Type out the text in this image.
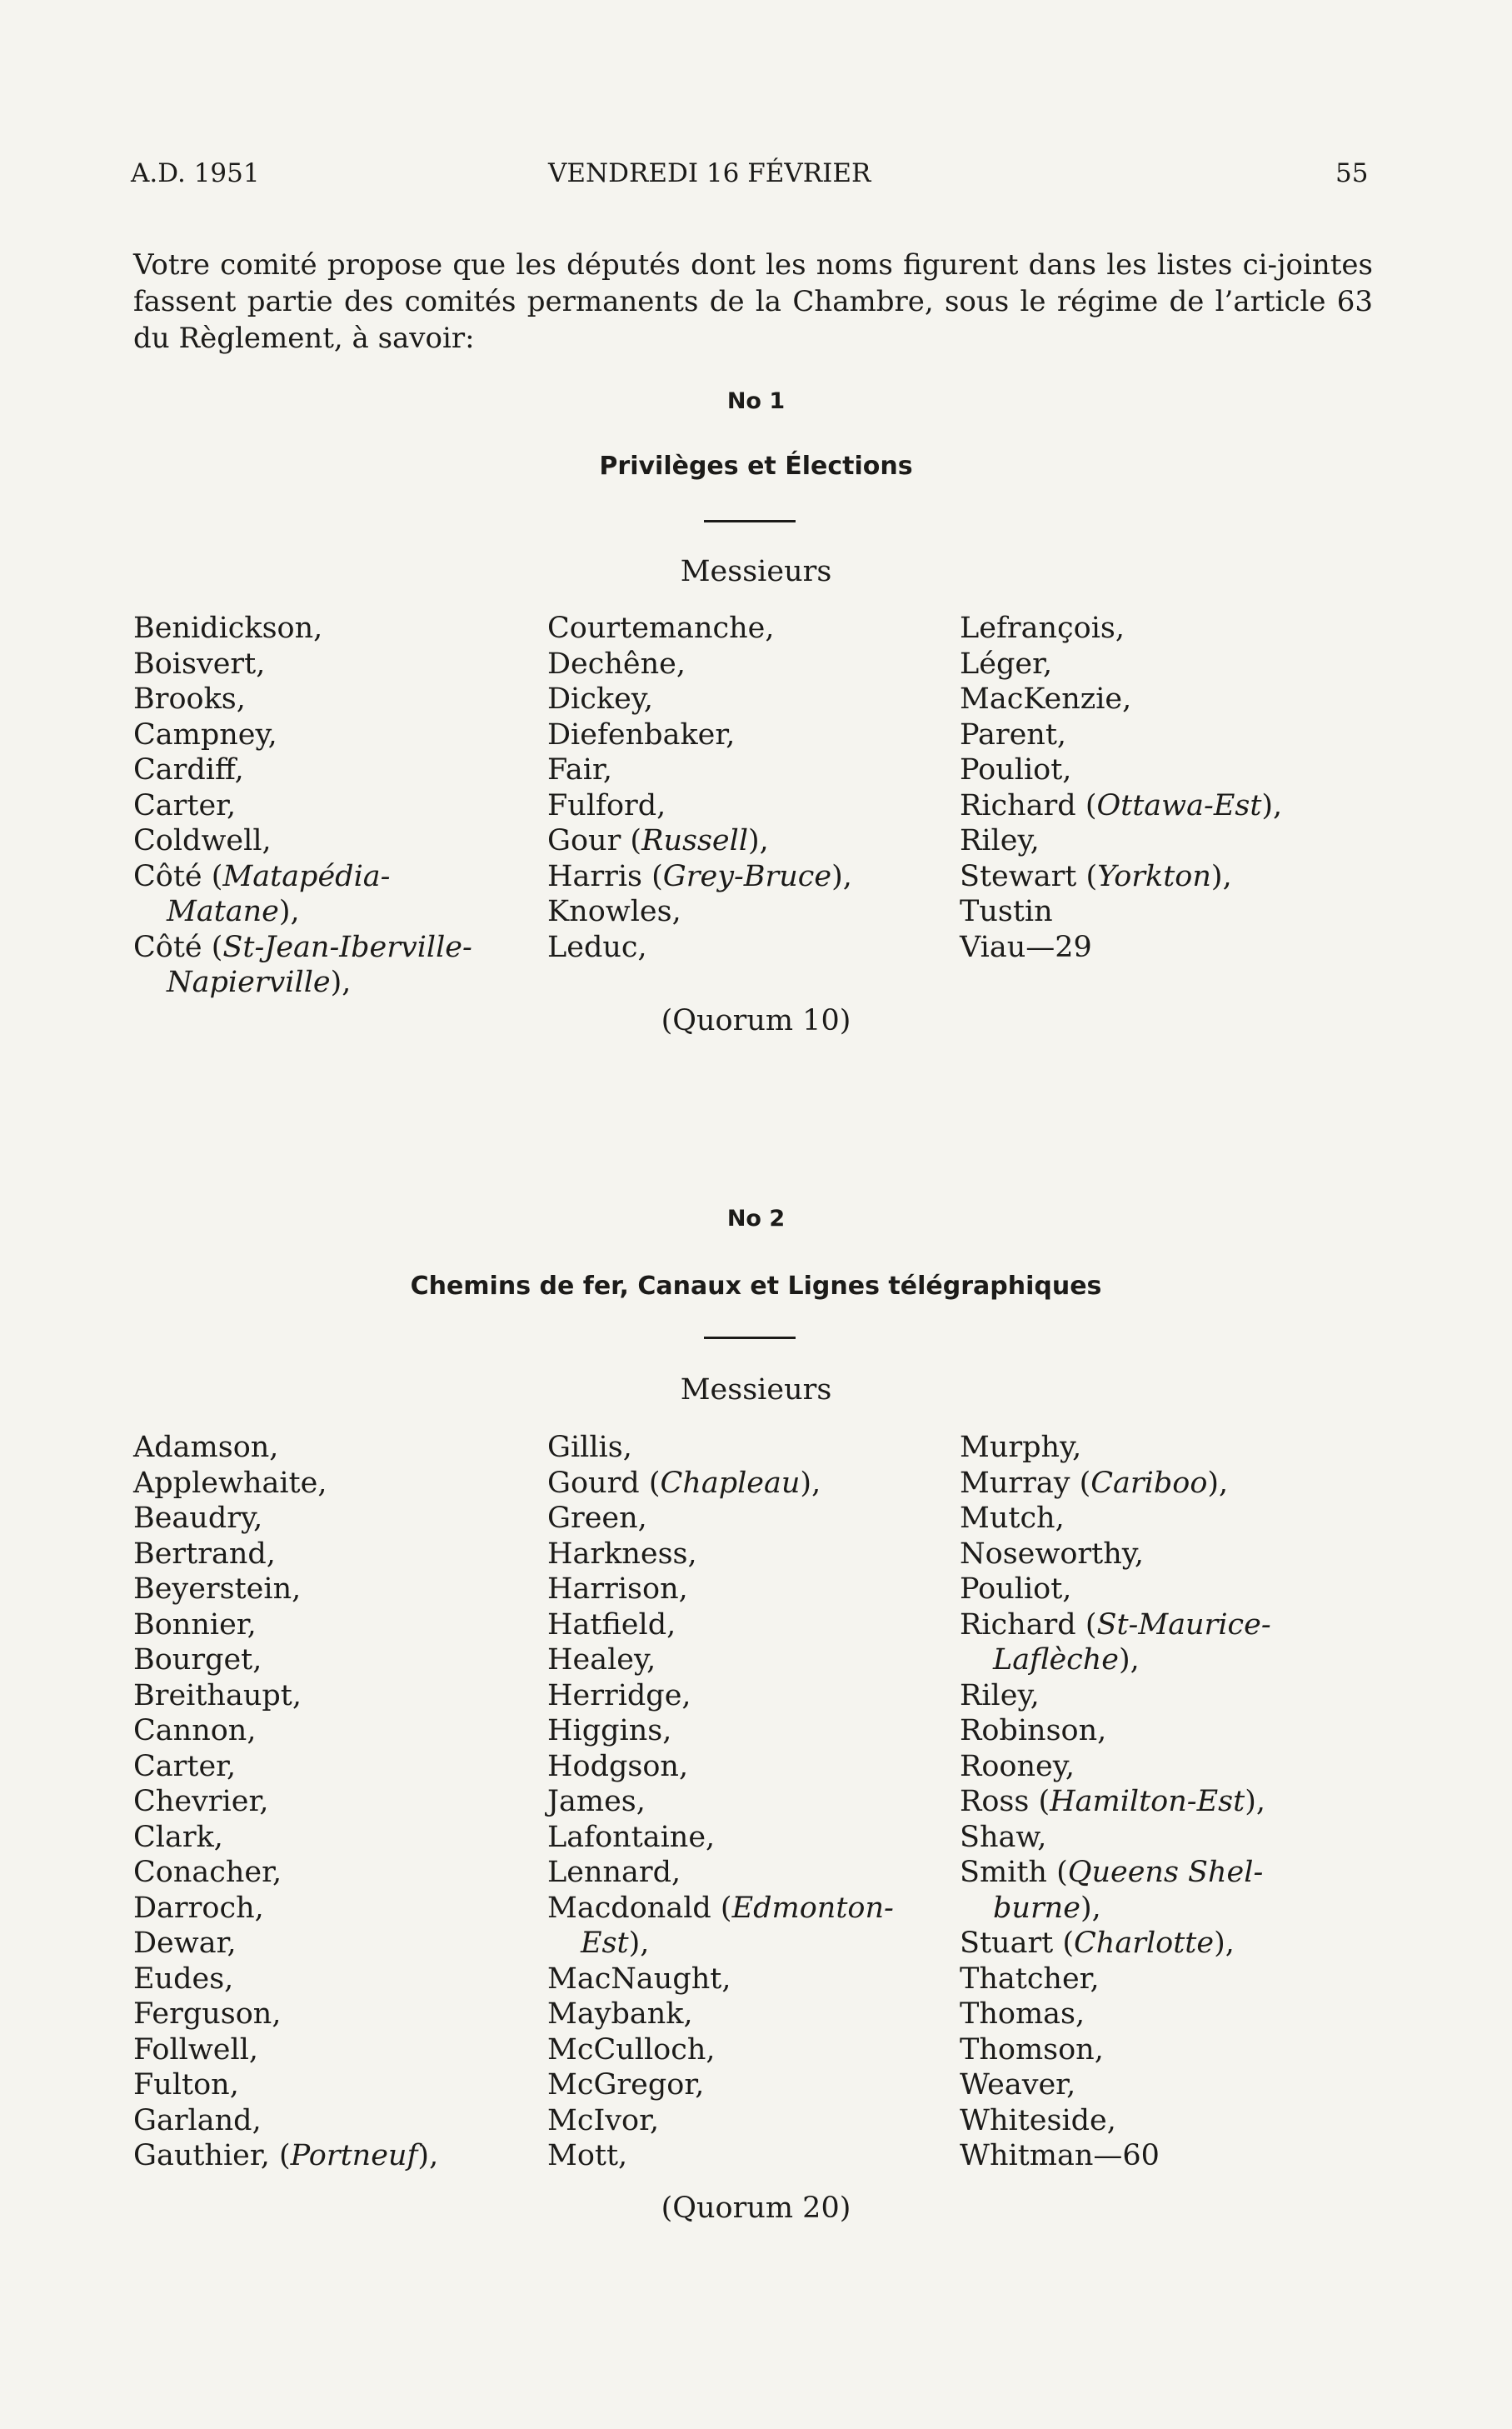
A.D. 1951	VENDREDI 16 FÉVRIER	55

Votre comité propose que les députés dont les noms figurent dans les listes ci-jointes fassent partie des comités permanents de la Chambre, sous le régime de l’article 63 du Règlement, à savoir:

No 1
Privilèges et Élections
Messieurs
Benidickson,
Boisvert,
Brooks,
Campney,
Cardiff,
Carter,
Coldwell,
Côté (Matapédia-
Matane),
Côté (St-Jean-Iberville-
Napierville),
Courtemanche,
Dechêne,
Dickey,
Diefenbaker,
Fair,
Fulford,
Gour (Russell),
Harris (Grey-Bruce),
Knowles,
Leduc,
Lefrançois,
Léger,
MacKenzie,
Parent,
Pouliot,
Richard (Ottawa-Est),
Riley,
Stewart (Yorkton),
Tustin
Viau—29
(Quorum 10)
No 2
Chemins de fer, Canaux et Lignes télégraphiques
Messieurs
Adamson,
Applewhaite,
Beaudry,
Bertrand,
Beyerstein,
Bonnier,
Bourget,
Breithaupt,
Cannon,
Carter,
Chevrier,
Clark,
Conacher,
Darroch,
Dewar,
Eudes,
Ferguson,
Follwell,
Fulton,
Garland,
Gauthier, (Portneuf),
Gillis,
Gourd (Chapleau),
Green,
Harkness,
Harrison,
Hatfield,
Healey,
Herridge,
Higgins,
Hodgson,
James,
Lafontaine,
Lennard,
Macdonald (Edmonton-
Est),
MacNaught,
Maybank,
McCulloch,
McGregor,
McIvor,
Mott,
Murphy,
Murray (Cariboo),
Mutch,
Noseworthy,
Pouliot,
Richard (St-Maurice-
Laflèche),
Riley,
Robinson,
Rooney,
Ross (Hamilton-Est),
Shaw,
Smith (Queens Shel-
burne),
Stuart (Charlotte),
Thatcher,
Thomas,
Thomson,
Weaver,
Whiteside,
Whitman—60
(Quorum 20)
